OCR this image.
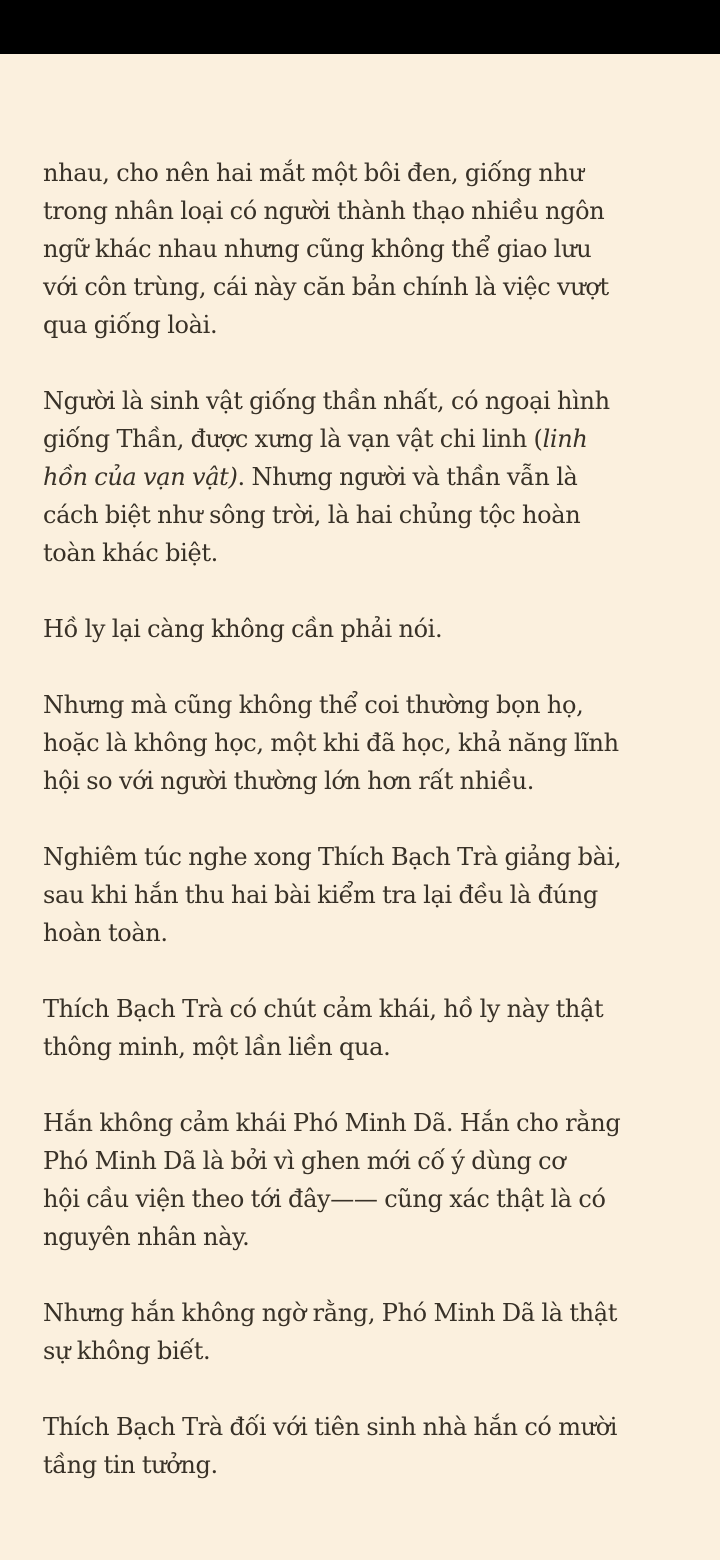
nhau, cho nên hai mắt một bôi đen, giống như
trong nhân loại có người thành thạo nhiều ngôn
ngữ khác nhau nhưng cũng không thể giao lưu
với côn trùng, cái này căn bản chính là việc vượt
qua giống loài.

Người là sinh vật giống thần nhất, có ngoại hình
giống Thần, được xưng là vạn vật chi linh (linh
hồn của vạn vật). Nhưng người và thần vẫn là
cách biệt như sông trời, là hai chủng tộc hoàn
toàn khác biệt.

Hồ ly lại càng không cần phải nói.

Nhưng mà cũng không thể coi thường bọn họ,
hoặc là không học, một khi đã học, khả năng lĩnh
hội so với người thường lớn hơn rất nhiều.

Nghiêm túc nghe xong Thích Bạch Trà giảng bài,
sau khi hắn thu hai bài kiểm tra lại đều là đúng
hoàn toàn.

Thích Bạch Trà có chút cảm khái, hồ ly này thật
thông minh, một lần liền qua.

Hắn không cảm khái Phó Minh Dã. Hắn cho rằng
Phó Minh Dã là bởi vì ghen mới cố ý dùng cơ
hội cầu viện theo tới đây—— cũng xác thật là có
nguyên nhân này.

Nhưng hắn không ngờ rằng, Phó Minh Dã là thật
sự không biết.

Thích Bạch Trà đối với tiên sinh nhà hắn có mười
tầng tin tưởng.
